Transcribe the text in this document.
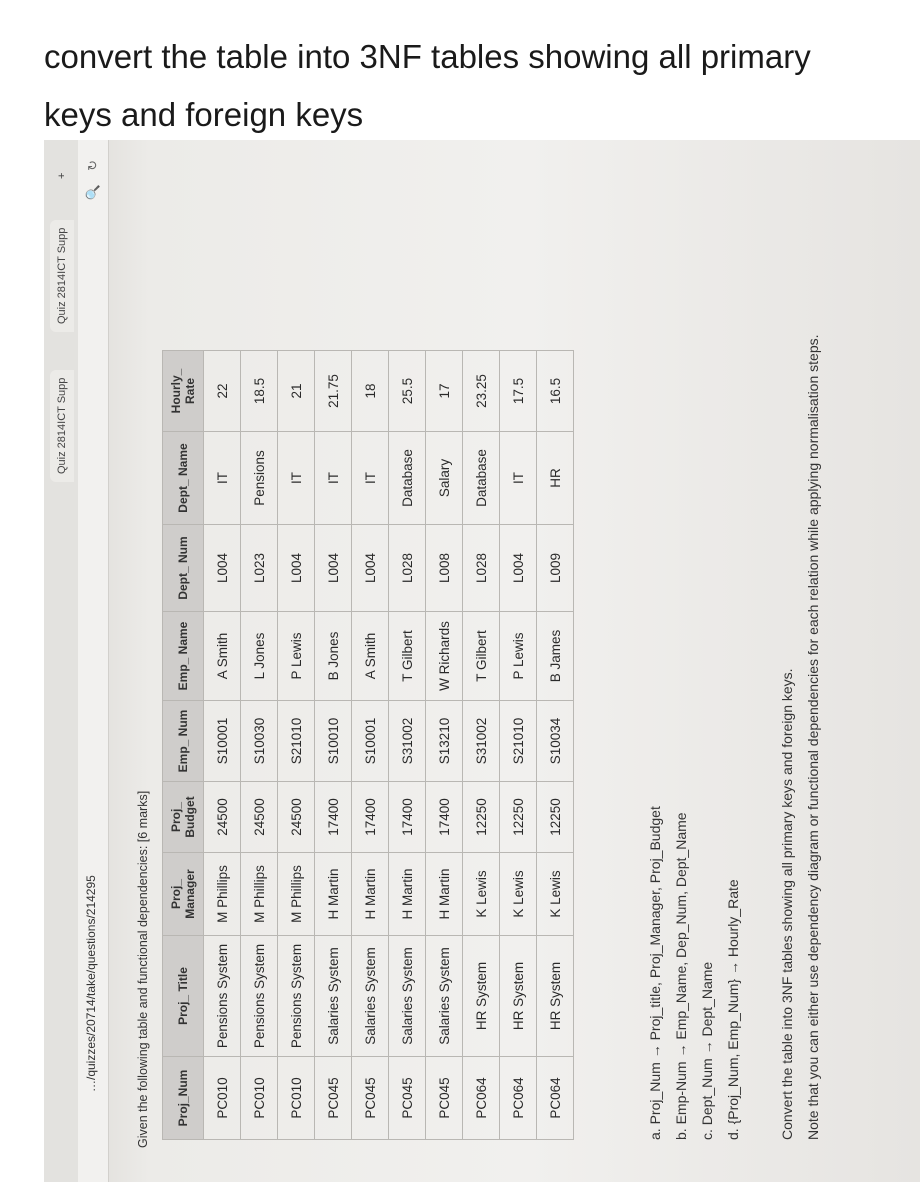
convert the table into 3NF tables showing all primary keys and foreign keys
Quiz 2814ICT Supp
Quiz 2814ICT Supp
+
…/quizzes/20714/take/questions/214295
🔍 ↻
Given the following table and functional dependencies: [6 marks] Proj_Num	Proj_ Title	Proj_ Manager	Proj_ Budget	Emp_ Num	Emp_ Name	Dept_ Num	Dept_ Name	Hourly_ Rate
PC010	Pensions System	M Phillips	24500	S10001	A Smith	L004	IT	22
PC010	Pensions System	M Phillips	24500	S10030	L Jones	L023	Pensions	18.5
PC010	Pensions System	M Phillips	24500	S21010	P Lewis	L004	IT	21
PC045	Salaries System	H Martin	17400	S10010	B Jones	L004	IT	21.75
PC045	Salaries System	H Martin	17400	S10001	A Smith	L004	IT	18
PC045	Salaries System	H Martin	17400	S31002	T Gilbert	L028	Database	25.5
PC045	Salaries System	H Martin	17400	S13210	W Richards	L008	Salary	17
PC064	HR System	K Lewis	12250	S31002	T Gilbert	L028	Database	23.25
PC064	HR System	K Lewis	12250	S21010	P Lewis	L004	IT	17.5
PC064	HR System	K Lewis	12250	S10034	B James	L009	HR	16.5
a. Proj_Num → Proj_title, Proj_Manager, Proj_Budget b. Emp-Num → Emp_Name, Dep_Num, Dept_Name c. Dept_Num → Dept_Name d. {Proj_Num, Emp_Num} → Hourly_Rate	Convert the table into 3NF tables showing all primary keys and foreign keys. Note that you can either use dependency diagram or functional dependencies for each relation while applying normalisation steps.
